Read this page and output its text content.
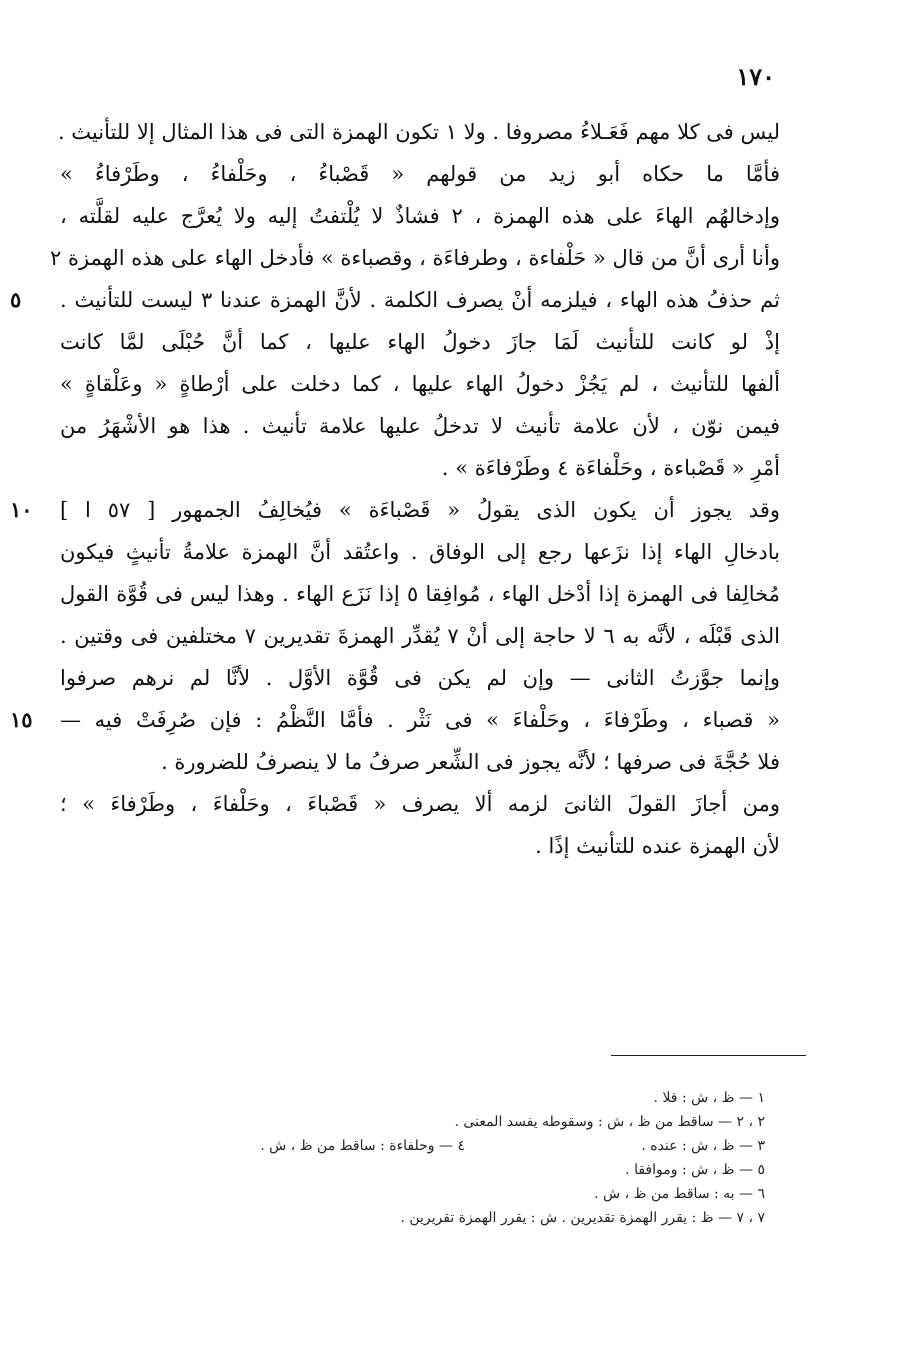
١٧٠
ليس فى كلا مهم فَعَـلاءُ مصروفا . ولا ١ تكون الهمزة التى فى هذا المثال إلا للتأنيث .
فأمَّا ما حكاه أبو زيد من قولهم « قَصْباءُ ، وحَلْفاءُ ، وطَرْفاءُ »
وإدخالهُم الهاءَ على هذه الهمزة ، ٢ فشاذٌ لا يُلْتفتُ إليه ولا يُعرَّج عليه لقلَّته ،
وأنا أرى أنَّ من قال « حَلْفاءة ، وطرفاءَة ، وقصباءة » فأدخل الهاء على هذه الهمزة ٢
ثم حذفُ هذه الهاء ، فيلزمه أنْ يصرف الكلمة . لأنَّ الهمزة عندنا ٣ ليست للتأنيث .
٥
إذْ لو كانت للتأنيث لَمَا جازَ دخولُ الهاء عليها ، كما أنَّ حُبْلَى لمَّا كانت
ألفها للتأنيث ، لم يَجُزْ دخولُ الهاء عليها ، كما دخلت على أرْطاةٍ « وعَلْقاةٍ »
فيمن نوّن ، لأن علامة تأنيث لا تدخلُ عليها علامة تأنيث . هذا هو الأشْهَرُ من
أمْرِ « قَصْباءة ، وحَلْفاءَة ٤ وطَرْفاءَة » .
وقد يجوز أن يكون الذى يقولُ « قَصْباءَة » فيُخالِفُ الجمهور [ ٥٧ ا ]
١٠
بادخالِ الهاء إذا نزَعها رجع إلى الوفاق . واعتُقد أنَّ الهمزة علامةُ تأنيثٍ فيكون
مُخالِفا فى الهمزة إذا أدْخل الهاء ، مُوافِقا ٥ إذا نَزَع الهاء . وهذا ليس فى قُوَّة القول
الذى قَبْلَه ، لأنَّه به ٦ لا حاجة إلى أنْ ٧ يُقدِّر الهمزةَ تقديرين ٧ مختلفين فى وقتين .
وإنما جوَّزتُ الثانى — وإن لم يكن فى قُوَّة الأوَّل . لأنَّا لم نرهم صرفوا
« قصباء ، وطَرْفاءَ ، وحَلْفاءَ » فى نَثْر . فأمَّا النَّظْمُ : فإن صُرِفَتْ فيه —
١٥
فلا حُجَّةَ فى صرفها ؛ لأنَّه يجوز فى الشِّعر صرفُ ما لا ينصرفُ للضرورة .
ومن أجازَ القولَ الثانىَ لزمه ألا يصرف « قَصْباءَ ، وحَلْفاءَ ، وطَرْفاءَ » ؛
لأن الهمزة عنده للتأنيث إذًا .
١ — ظ ، ش : فلا .
٢ ، ٢ — ساقط من ظ ، ش : وسقوطه يفسد المعنى .
٣ — ظ ، ش : عنده .
٤ — وحلفاءة : ساقط من ظ ، ش .
٥ — ظ ، ش : وموافقا .
٦ — به : ساقط من ظ ، ش .
٧ ، ٧ — ظ : يقرر الهمزة تقديرين . ش : يقرر الهمزة تقريرين .
